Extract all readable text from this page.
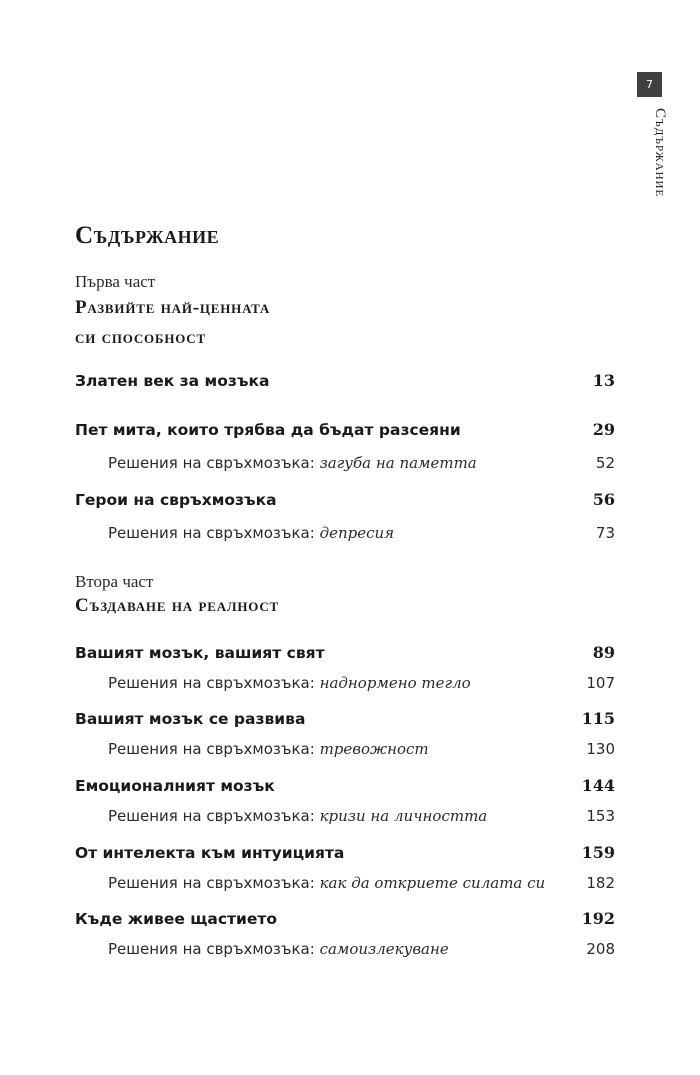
7
Съдържание
Съдържание
Първа част
Развийте най-ценната
си способност
Златен век за мозъка	13
Пет мита, които трябва да бъдат разсеяни	29
Решения на свръхмозъка: загуба на паметта	52
Герои на свръхмозъка	56
Решения на свръхмозъка: депресия	73
Втора част
Създаване на реалност
Вашият мозък, вашият свят	89
Решения на свръхмозъка: наднормено тегло	107
Вашият мозък се развива	115
Решения на свръхмозъка: тревожност	130
Емоционалният мозък	144
Решения на свръхмозъка: кризи на личността	153
От интелекта към интуицията	159
Решения на свръхмозъка: как да откриете силата си	182
Къде живее щастието	192
Решения на свръхмозъка: самоизлекуване	208
